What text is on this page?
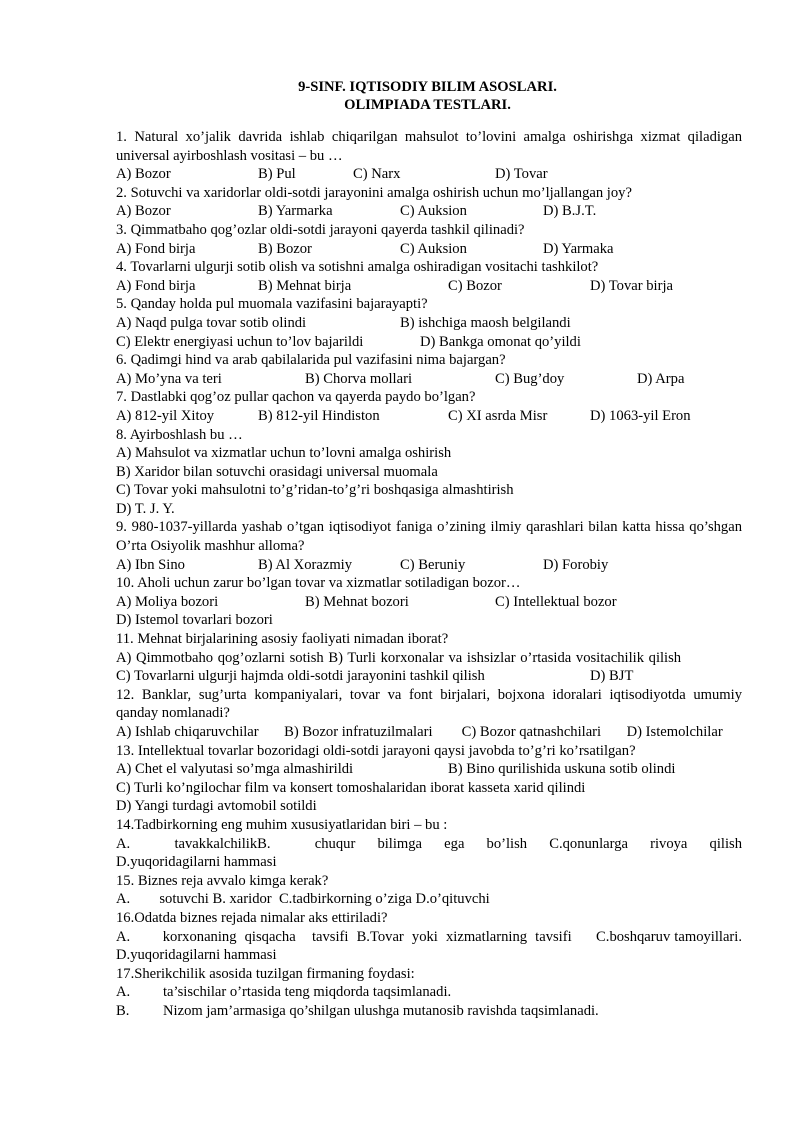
9-SINF. IQTISODIY BILIM ASOSLARI.
OLIMPIADA TESTLARI.
1. Natural xo’jalik davrida ishlab chiqarilgan mahsulot to’lovini amalga oshirishga xizmat qiladigan universal ayirboshlash vositasi – bu …
A) Bozor	B) Pul	C) Narx	D) Tovar
2. Sotuvchi va xaridorlar oldi-sotdi jarayonini amalga oshirish uchun mo’ljallangan joy?
A) Bozor	B) Yarmarka	C) Auksion	D) B.J.T.
3. Qimmatbaho qog’ozlar oldi-sotdi jarayoni qayerda tashkil qilinadi?
A) Fond birja	B) Bozor	C) Auksion	D) Yarmaka
4. Tovarlarni ulgurji sotib olish va sotishni amalga oshiradigan vositachi tashkilot?
A) Fond birja	B) Mehnat birja	C) Bozor	D) Tovar birja
5. Qanday holda pul muomala vazifasini bajarayapti?
A) Naqd pulga tovar sotib olindi	B) ishchiga maosh belgilandi
C) Elektr energiyasi uchun to’lov bajarildi	D) Bankga omonat qo’yildi
6. Qadimgi hind va arab qabilalarida pul vazifasini nima bajargan?
A) Mo’yna va teri	B) Chorva mollari	C) Bug’doy	D) Arpa
7. Dastlabki qog’oz pullar qachon va qayerda paydo bo’lgan?
A) 812-yil Xitoy	B) 812-yil Hindiston	C) XI asrda Misr	D) 1063-yil Eron
8. Ayirboshlash bu …
A) Mahsulot va xizmatlar uchun to’lovni amalga oshirish
B) Xaridor bilan sotuvchi orasidagi universal muomala
C) Tovar yoki mahsulotni to’g’ridan-to’g’ri boshqasiga almashtirish
D) T. J. Y.
9. 980-1037-yillarda yashab o’tgan iqtisodiyot faniga o’zining ilmiy qarashlari bilan katta hissa qo’shgan O’rta Osiyolik mashhur alloma?
A) Ibn Sino	B) Al Xorazmiy	C) Beruniy	D) Forobiy
10. Aholi uchun zarur bo’lgan tovar va xizmatlar sotiladigan bozor…
A) Moliya bozori	B) Mehnat bozori	C) Intellektual bozor
D) Istemol tovarlari bozori
11. Mehnat birjalarining asosiy faoliyati nimadan iborat?
A) Qimmotbaho qog’ozlarni sotish B) Turli korxonalar va ishsizlar o’rtasida vositachilik qilish
C) Tovarlarni ulgurji hajmda oldi-sotdi jarayonini tashkil qilish	D) BJT
12. Banklar, sug’urta kompaniyalari, tovar va font birjalari, bojxona idoralari iqtisodiyotda umumiy qanday nomlanadi?
A) Ishlab chiqaruvchilar       B) Bozor infratuzilmalari        C) Bozor qatnashchilari       D) Istemolchilar
13. Intellektual tovarlar bozoridagi oldi-sotdi jarayoni qaysi javobda to’g’ri ko’rsatilgan?
A) Chet el valyutasi so’mga almashirildi	B) Bino qurilishida uskuna sotib olindi
C) Turli ko’ngilochar film va konsert tomoshalaridan iborat kasseta xarid qilindi
D) Yangi turdagi avtomobil sotildi
14.Tadbirkorning eng muhim xususiyatlaridan biri – bu :
A.        tavakkalchilikB.        chuqur    bilimga    ega    bo’lish    C.qonunlarga    rivoya    qilish D.yuqoridagilarni hammasi
15. Biznes reja avvalo kimga kerak?
A.        sotuvchi B. xaridor  C.tadbirkorning o’ziga D.o’qituvchi
16.Odatda biznes rejada nimalar aks ettiriladi?
A.        korxonaning  qisqacha    tavsifi  B.Tovar  yoki  xizmatlarning  tavsifi      C.boshqaruv tamoyillari.  D.yuqoridagilarni hammasi
17.Sherikchilik asosida tuzilgan firmaning foydasi:
A. ta’sischilar o’rtasida teng miqdorda taqsimlanadi.
B. Nizom jam’armasiga qo’shilgan ulushga mutanosib ravishda taqsimlanadi.
